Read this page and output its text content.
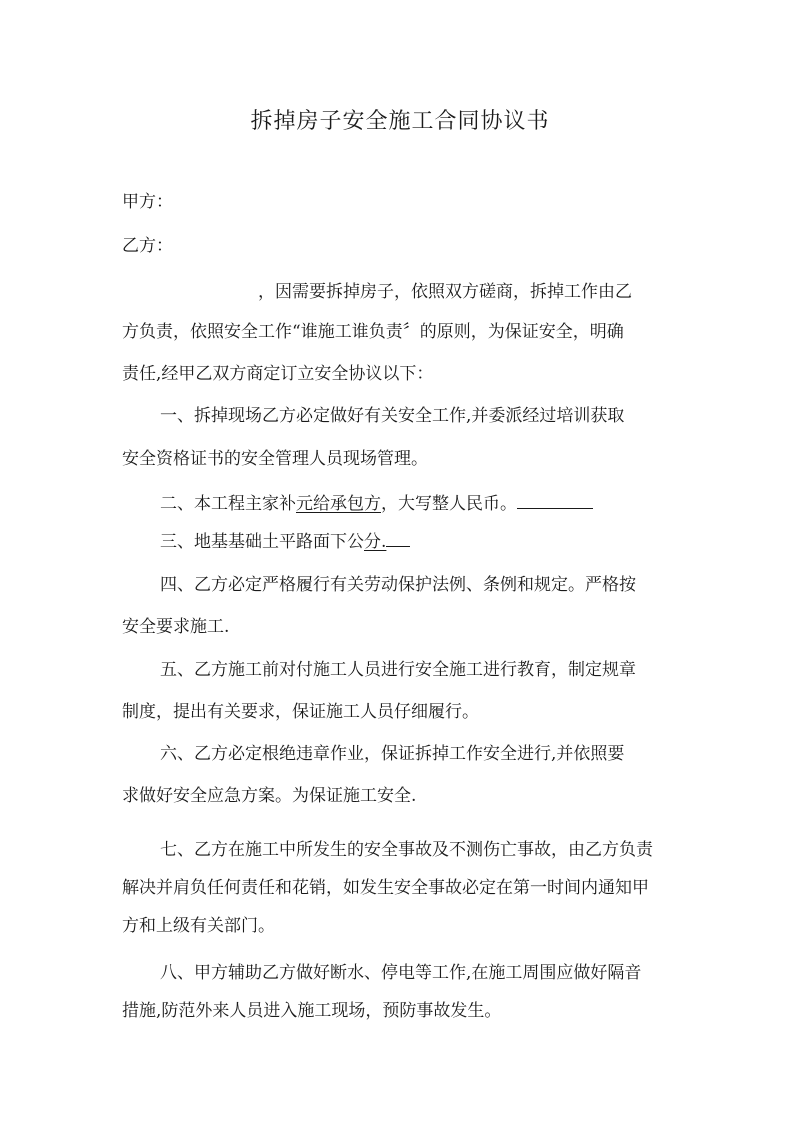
拆掉房子安全施工合同协议书
甲方：
乙方：
，因需要拆掉房子，依照双方磋商，拆掉工作由乙
方负责，依照安全工作“谁施工谁负责〞的原则，为保证安全，明确
责任,经甲乙双方商定订立安全协议以下：
一、拆掉现场乙方必定做好有关安全工作,并委派经过培训获取
安全资格证书的安全管理人员现场管理。
二、本工程主家补元给承包方，大写整人民币。
三、地基基础土平路面下公分.
四、乙方必定严格履行有关劳动保护法例、条例和规定。严格按
安全要求施工.
五、乙方施工前对付施工人员进行安全施工进行教育，制定规章
制度，提出有关要求，保证施工人员仔细履行。
六、乙方必定根绝违章作业，保证拆掉工作安全进行,并依照要
求做好安全应急方案。为保证施工安全.
七、乙方在施工中所发生的安全事故及不测伤亡事故，由乙方负责
解决并肩负任何责任和花销，如发生安全事故必定在第一时间内通知甲
方和上级有关部门。
八、甲方辅助乙方做好断水、停电等工作,在施工周围应做好隔音
措施,防范外来人员进入施工现场，预防事故发生。
